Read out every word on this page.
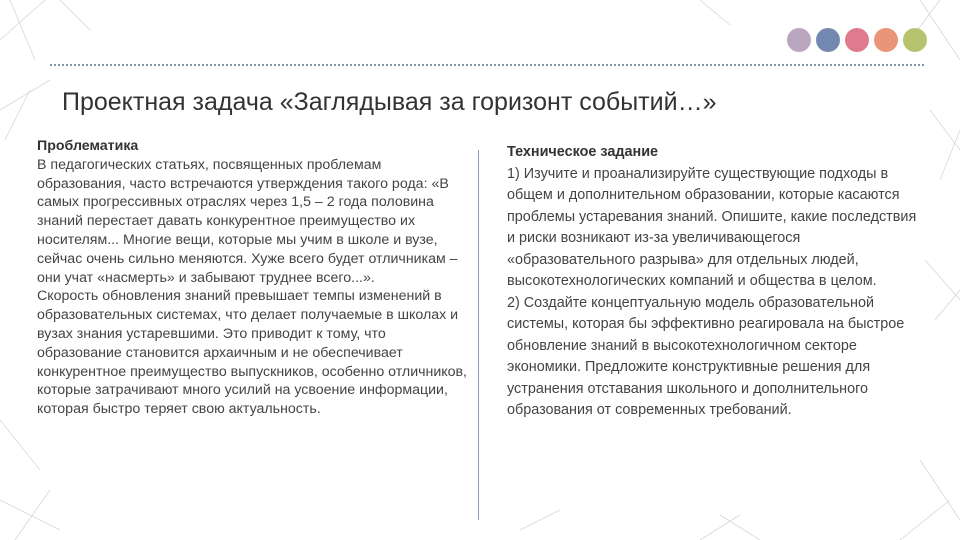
Проектная задача «Заглядывая за горизонт событий…»
Проблематика
В педагогических статьях, посвященных проблемам образования, часто встречаются утверждения такого рода: «В самых прогрессивных отраслях через 1,5 – 2 года половина знаний перестает давать конкурентное преимущество их носителям... Многие вещи, которые мы учим в школе и вузе, сейчас очень сильно меняются. Хуже всего будет отличникам – они учат «насмерть» и забывают труднее всего...».
Скорость обновления знаний превышает темпы изменений в образовательных системах, что делает получаемые в школах и вузах знания устаревшими. Это приводит к тому, что образование становится архаичным и не обеспечивает конкурентное преимущество выпускников, особенно отличников, которые затрачивают много усилий на усвоение информации, которая быстро теряет свою актуальность.
Техническое задание
1) Изучите и проанализируйте существующие подходы в общем и дополнительном образовании, которые касаются проблемы устаревания знаний. Опишите, какие последствия и риски возникают из-за увеличивающегося «образовательного разрыва» для отдельных людей, высокотехнологических компаний и общества в целом.
2) Создайте концептуальную модель образовательной системы, которая бы эффективно реагировала на быстрое обновление знаний в высокотехнологичном секторе экономики. Предложите конструктивные решения для устранения отставания школьного и дополнительного образования от современных требований.
